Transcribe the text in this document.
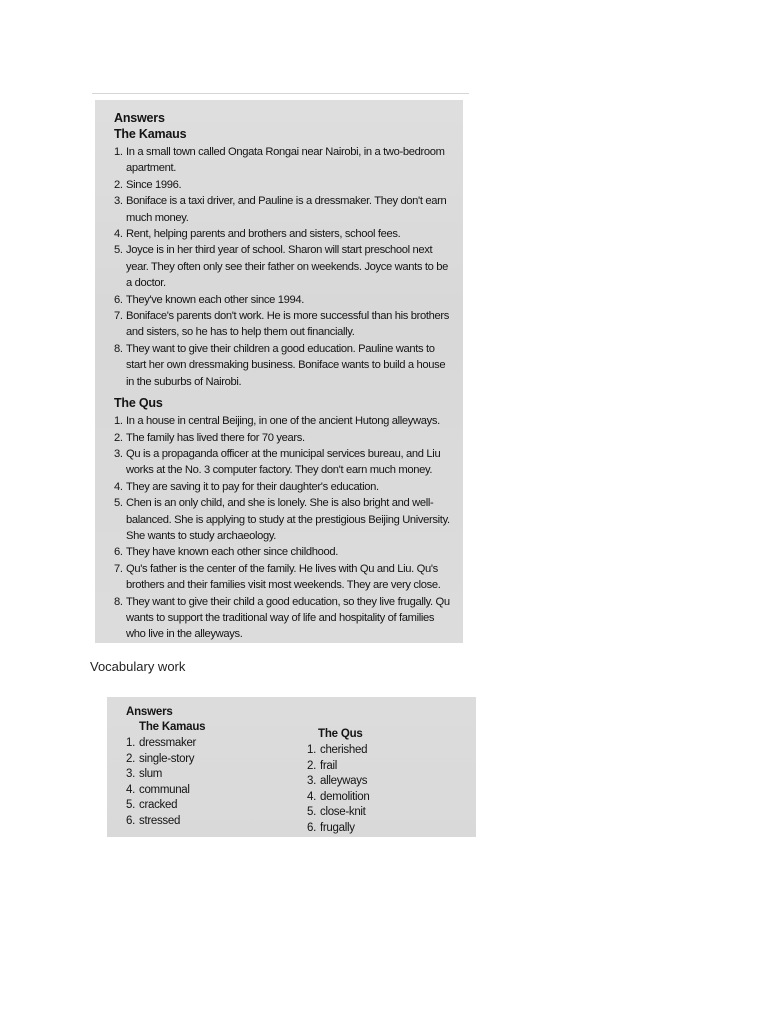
Answers
The Kamaus
1. In a small town called Ongata Rongai near Nairobi, in a two-bedroom apartment.
2. Since 1996.
3. Boniface is a taxi driver, and Pauline is a dressmaker. They don't earn much money.
4. Rent, helping parents and brothers and sisters, school fees.
5. Joyce is in her third year of school. Sharon will start preschool next year. They often only see their father on weekends. Joyce wants to be a doctor.
6. They've known each other since 1994.
7. Boniface's parents don't work. He is more successful than his brothers and sisters, so he has to help them out financially.
8. They want to give their children a good education. Pauline wants to start her own dressmaking business. Boniface wants to build a house in the suburbs of Nairobi.
The Qus
1. In a house in central Beijing, in one of the ancient Hutong alleyways.
2. The family has lived there for 70 years.
3. Qu is a propaganda officer at the municipal services bureau, and Liu works at the No. 3 computer factory. They don't earn much money.
4. They are saving it to pay for their daughter's education.
5. Chen is an only child, and she is lonely. She is also bright and well-balanced. She is applying to study at the prestigious Beijing University. She wants to study archaeology.
6. They have known each other since childhood.
7. Qu's father is the center of the family. He lives with Qu and Liu. Qu's brothers and their families visit most weekends. They are very close.
8. They want to give their child a good education, so they live frugally. Qu wants to support the traditional way of life and hospitality of families who live in the alleyways.
Vocabulary work
Answers
The Kamaus
1. dressmaker
2. single-story
3. slum
4. communal
5. cracked
6. stressed
The Qus
1. cherished
2. frail
3. alleyways
4. demolition
5. close-knit
6. frugally
